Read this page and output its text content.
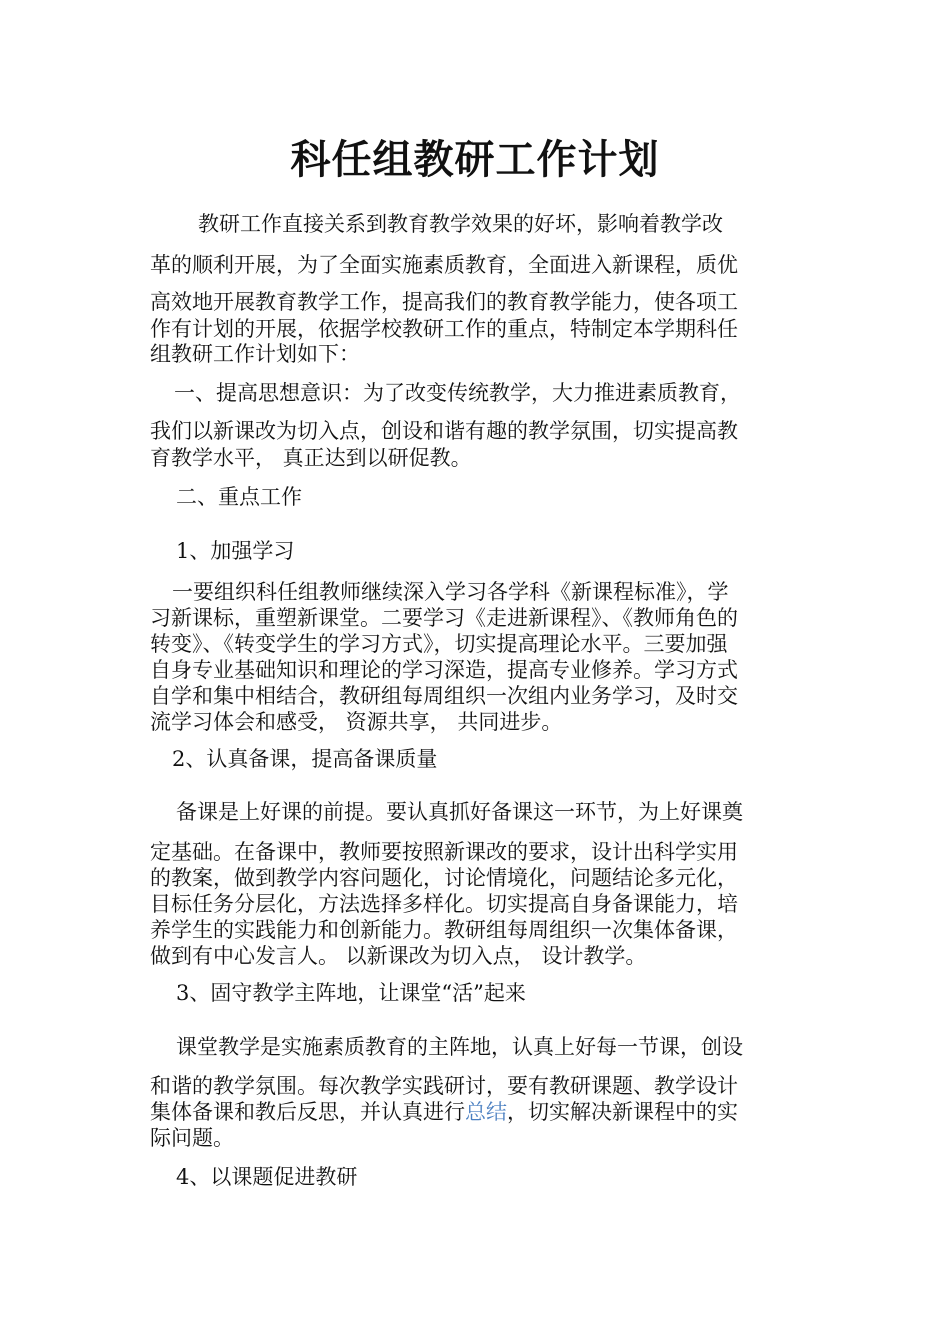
科任组教研工作计划

教研工作直接关系到教育教学效果的好坏，影响着教学改

革的顺利开展，为了全面实施素质教育，全面进入新课程，质优

高效地开展教育教学工作，提高我们的教育教学能力，使各项工

作有计划的开展，依据学校教研工作的重点，特制定本学期科任

组教研工作计划如下：

一、提高思想意识：为了改变传统教学，大力推进素质教育，

我们以新课改为切入点，创设和谐有趣的教学氛围，切实提高教

育教学水平， 真正达到以研促教。

二、重点工作

1、加强学习

一要组织科任组教师继续深入学习各学科《新课程标准》，学

习新课标，重塑新课堂。二要学习《走进新课程》、《教师角色的

转变》、《转变学生的学习方式》，切实提高理论水平。三要加强

自身专业基础知识和理论的学习深造，提高专业修养。学习方式

自学和集中相结合，教研组每周组织一次组内业务学习，及时交

流学习体会和感受， 资源共享， 共同进步。

2、认真备课，提高备课质量

备课是上好课的前提。要认真抓好备课这一环节，为上好课奠

定基础。在备课中，教师要按照新课改的要求，设计出科学实用

的教案，做到教学内容问题化，讨论情境化，问题结论多元化，

目标任务分层化，方法选择多样化。切实提高自身备课能力，培

养学生的实践能力和创新能力。教研组每周组织一次集体备课，

做到有中心发言人。 以新课改为切入点， 设计教学。

3、固守教学主阵地，让课堂“活”起来

课堂教学是实施素质教育的主阵地，认真上好每一节课，创设

和谐的教学氛围。每次教学实践研讨，要有教研课题、教学设计

集体备课和教后反思，并认真进行总结，切实解决新课程中的实

际问题。

4、以课题促进教研
